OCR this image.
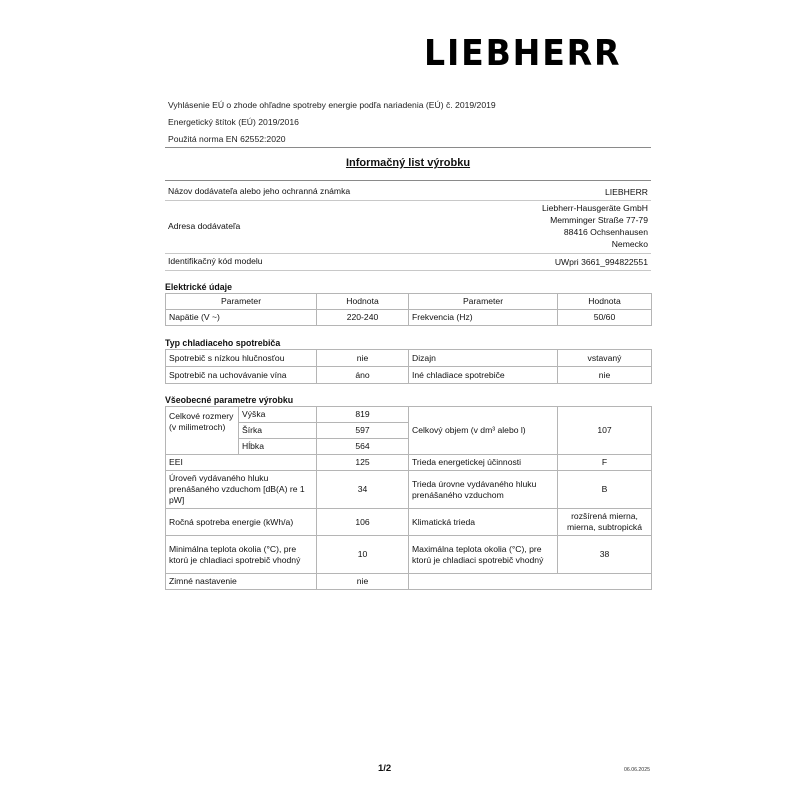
LIEBHERR
Vyhlásenie EÚ o zhode ohľadne spotreby energie podľa nariadenia (EÚ) č. 2019/2019
Energetický štítok (EÚ) 2019/2016
Použitá norma EN 62552:2020
Informačný list výrobku
Názov dodávateľa alebo jeho ochranná známka	LIEBHERR
Adresa dodávateľa
Liebherr-Hausgeräte GmbH
Memminger Straße 77-79
88416 Ochsenhausen
Nemecko
Identifikačný kód modelu	UWpri 3661_994822551
Elektrické údaje
Parameter	Hodnota	Parameter	Hodnota
Napätie (V ~)	220-240	Frekvencia (Hz)	50/60
Typ chladiaceho spotrebiča
Spotrebič s nízkou hlučnosťou	nie	Dizajn	vstavaný
Spotrebič na uchovávanie vína	áno	Iné chladiace spotrebiče	nie
Všeobecné parametre výrobku
Celkové rozmery (v milimetroch)	Výška	819	Celkový objem (v dm³ alebo l)	107
	Šírka	597		
	Hĺbka	564		
EEI		125	Trieda energetickej účinnosti	F
Úroveň vydávaného hluku prenášaného vzduchom [dB(A) re 1 pW]		34	Trieda úrovne vydávaného hluku prenášaného vzduchom	B
Ročná spotreba energie (kWh/a)		106	Klimatická trieda	rozšírená mierna, mierna, subtropická
Minimálna teplota okolia (°C), pre ktorú je chladiaci spotrebič vhodný		10	Maximálna teplota okolia (°C), pre ktorú je chladiaci spotrebič vhodný	38
Zimné nastavenie		nie		
1/2	06.06.2025
